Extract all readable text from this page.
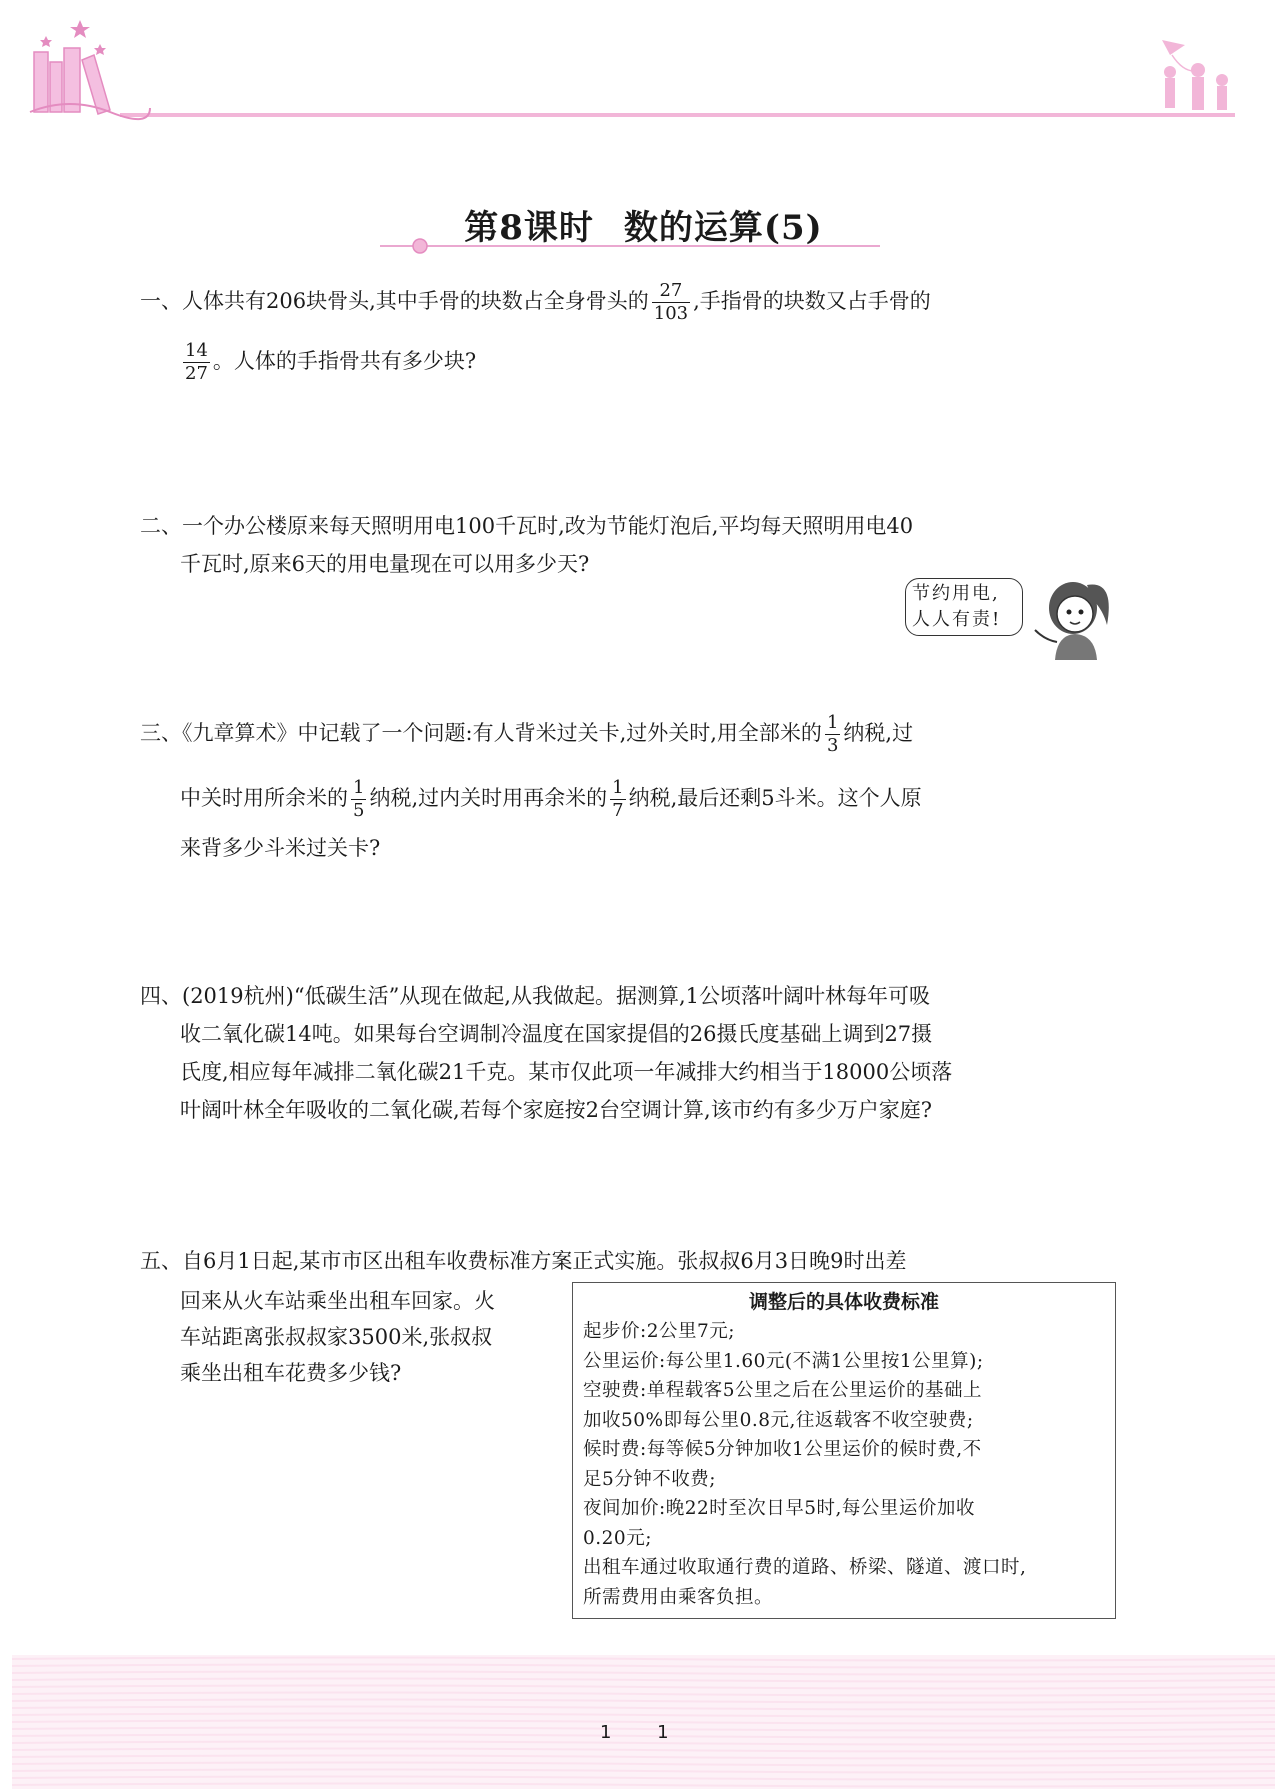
第8课时 数的运算(5)
一、人体共有206块骨头,其中手骨的块数占全身骨头的 $\frac{27}{103}$ ,手指骨的块数又占手骨的
$\frac{14}{27}$ 。人体的手指骨共有多少块?
二、一个办公楼原来每天照明用电100千瓦时,改为节能灯泡后,平均每天照明用电40
千瓦时,原来6天的用电量现在可以用多少天?
节约用电,
人人有责!
三、《九章算术》中记载了一个问题:有人背米过关卡,过外关时,用全部米的 $\frac{1}{3}$ 纳税,过
中关时用所余米的 $\frac{1}{5}$ 纳税,过内关时用再余米的 $\frac{1}{7}$ 纳税,最后还剩5斗米。这个人原
来背多少斗米过关卡?
四、(2019杭州)“低碳生活”从现在做起,从我做起。据测算,1公顷落叶阔叶林每年可吸
收二氧化碳14吨。如果每台空调制冷温度在国家提倡的26摄氏度基础上调到27摄
氏度,相应每年减排二氧化碳21千克。某市仅此项一年减排大约相当于18000公顷落
叶阔叶林全年吸收的二氧化碳,若每个家庭按2台空调计算,该市约有多少万户家庭?
五、自6月1日起,某市市区出租车收费标准方案正式实施。张叔叔6月3日晚9时出差
回来从火车站乘坐出租车回家。火
车站距离张叔叔家3500米,张叔叔
乘坐出租车花费多少钱?
调整后的具体收费标准
起步价:2公里7元;
公里运价:每公里1.60元(不满1公里按1公里算);
空驶费:单程载客5公里之后在公里运价的基础上
加收50%即每公里0.8元,往返载客不收空驶费;
候时费:每等候5分钟加收1公里运价的候时费,不
足5分钟不收费;
夜间加价:晚22时至次日早5时,每公里运价加收
0.20元;
出租车通过收取通行费的道路、桥梁、隧道、渡口时,
所需费用由乘客负担。
1 1
